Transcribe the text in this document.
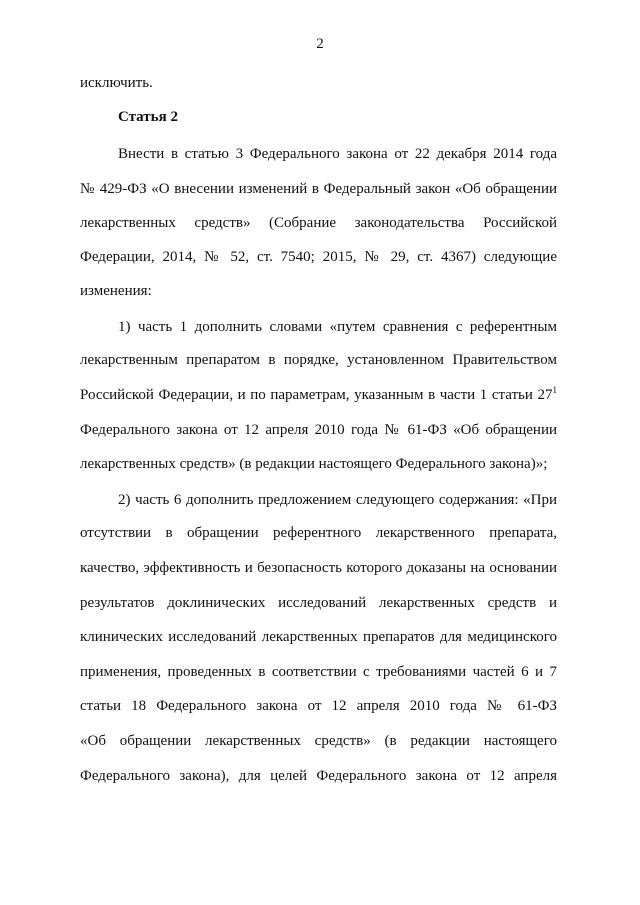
2
исключить.
Статья 2
Внести в статью 3 Федерального закона от 22 декабря 2014 года
№ 429-ФЗ «О внесении изменений в Федеральный закон «Об обращении
лекарственных средств» (Собрание законодательства Российской
Федерации, 2014, № 52, ст. 7540; 2015, № 29, ст. 4367) следующие
изменения:
1) часть 1 дополнить словами «путем сравнения с референтным
лекарственным препаратом в порядке, установленном Правительством
Российской Федерации, и по параметрам, указанным в части 1 статьи $27^1$
Федерального закона от 12 апреля 2010 года № 61-ФЗ «Об обращении
лекарственных средств» (в редакции настоящего Федерального закона)»;
2) часть 6 дополнить предложением следующего содержания: «При
отсутствии в обращении референтного лекарственного препарата,
качество, эффективность и безопасность которого доказаны на основании
результатов доклинических исследований лекарственных средств и
клинических исследований лекарственных препаратов для медицинского
применения, проведенных в соответствии с требованиями частей 6 и 7
статьи 18 Федерального закона от 12 апреля 2010 года № 61-ФЗ
«Об обращении лекарственных средств» (в редакции настоящего
Федерального закона), для целей Федерального закона от 12 апреля
